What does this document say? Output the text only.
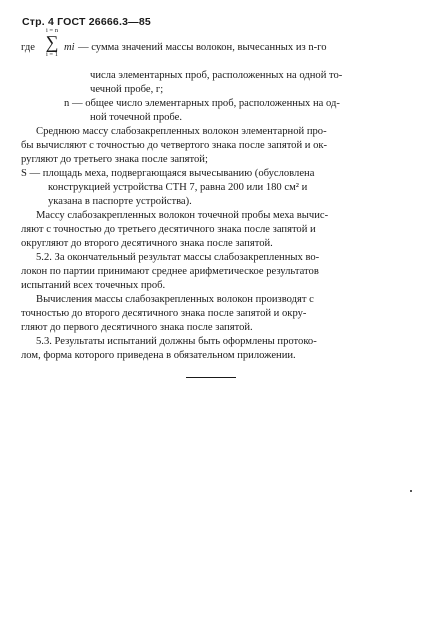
Стр. 4 ГОСТ 26666.3—85
где
i = n
∑
i = 1
mi — сумма значений массы волокон, вычесанных из n-го
числа элементарных проб, расположенных на одной то-
чечной пробе, г;
n — общее число элементарных проб, расположенных на од-
ной точечной пробе.
Среднюю массу слабозакрепленных волокон элементарной про-
бы вычисляют с точностью до четвертого знака после запятой и ок-
ругляют до третьего знака после запятой;
S — площадь меха, подвергающаяся вычесыванию (обусловлена
конструкцией устройства СТН 7, равна 200 или 180 см² и
указана в паспорте устройства).
Массу слабозакрепленных волокон точечной пробы меха вычис-
ляют с точностью до третьего десятичного знака после запятой и
округляют до второго десятичного знака после запятой.
5.2. За окончательный результат массы слабозакрепленных во-
локон по партии принимают среднее арифметическое результатов
испытаний всех точечных проб.
Вычисления массы слабозакрепленных волокон производят с
точностью до второго десятичного знака после запятой и окру-
гляют до первого десятичного знака после запятой.
5.3. Результаты испытаний должны быть оформлены протоко-
лом, форма которого приведена в обязательном приложении.
